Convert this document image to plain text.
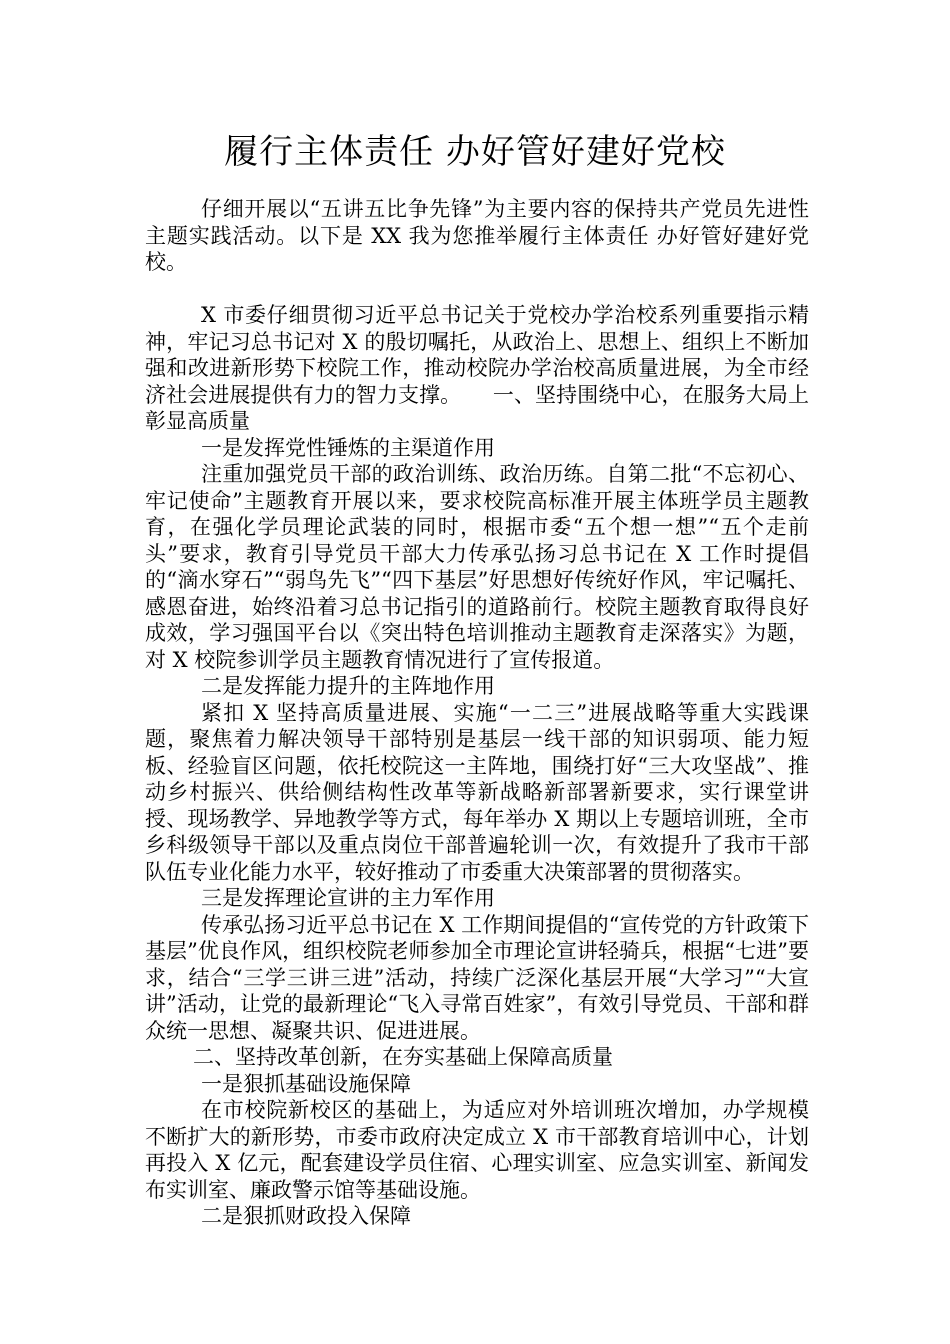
履行主体责任 办好管好建好党校

仔细开展以“五讲五比争先锋”为主要内容的保持共产党员先进性主题实践活动。以下是 XX 我为您推举履行主体责任 办好管好建好党校。

X 市委仔细贯彻习近平总书记关于党校办学治校系列重要指示精神，牢记习总书记对 X 的殷切嘱托，从政治上、思想上、组织上不断加强和改进新形势下校院工作，推动校院办学治校高质量进展，为全市经济社会进展提供有力的智力支撑。　　一、坚持围绕中心，在服务大局上彰显高质量

一是发挥党性锤炼的主渠道作用

注重加强党员干部的政治训练、政治历练。自第二批“不忘初心、牢记使命”主题教育开展以来，要求校院高标准开展主体班学员主题教育，在强化学员理论武装的同时，根据市委“五个想一想”“五个走前头”要求，教育引导党员干部大力传承弘扬习总书记在 X 工作时提倡的“滴水穿石”“弱鸟先飞”“四下基层”好思想好传统好作风，牢记嘱托、感恩奋进，始终沿着习总书记指引的道路前行。校院主题教育取得良好成效，学习强国平台以《突出特色培训推动主题教育走深落实》为题，对 X 校院参训学员主题教育情况进行了宣传报道。

二是发挥能力提升的主阵地作用

紧扣 X 坚持高质量进展、实施“一二三”进展战略等重大实践课题，聚焦着力解决领导干部特别是基层一线干部的知识弱项、能力短板、经验盲区问题，依托校院这一主阵地，围绕打好“三大攻坚战”、推动乡村振兴、供给侧结构性改革等新战略新部署新要求，实行课堂讲授、现场教学、异地教学等方式，每年举办 X 期以上专题培训班，全市乡科级领导干部以及重点岗位干部普遍轮训一次，有效提升了我市干部队伍专业化能力水平，较好推动了市委重大决策部署的贯彻落实。

三是发挥理论宣讲的主力军作用

传承弘扬习近平总书记在 X 工作期间提倡的“宣传党的方针政策下基层”优良作风，组织校院老师参加全市理论宣讲轻骑兵，根据“七进”要求，结合“三学三讲三进”活动，持续广泛深化基层开展“大学习”“大宣讲”活动，让党的最新理论“飞入寻常百姓家”，有效引导党员、干部和群众统一思想、凝聚共识、促进进展。

二、坚持改革创新，在夯实基础上保障高质量

一是狠抓基础设施保障

在市校院新校区的基础上，为适应对外培训班次增加，办学规模不断扩大的新形势，市委市政府决定成立 X 市干部教育培训中心，计划再投入 X 亿元，配套建设学员住宿、心理实训室、应急实训室、新闻发布实训室、廉政警示馆等基础设施。

二是狠抓财政投入保障
